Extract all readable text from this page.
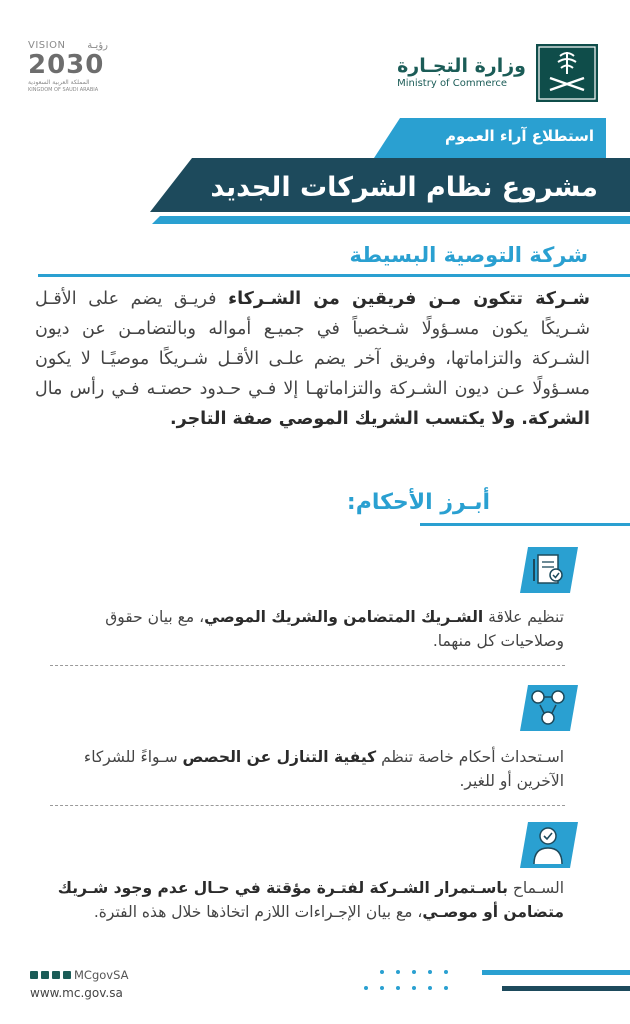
وزارة التجـارة
Ministry of Commerce
VISION رؤيـة
2030
المملكة العربية السعودية
KINGDOM OF SAUDI ARABIA
استطلاع آراء العموم
مشروع نظام الشركات الجديد
شركة التوصية البسيطة
شـركة تتكون مـن فريقين من الشـركاء فريـق يضم على الأقـل شـريكًا يكون مسـؤولًا شـخصياً في جميـع أمواله وبالتضامـن عن ديون الشـركة والتزاماتها، وفريق آخر يضم علـى الأقـل شـريكًا موصيًـا لا يكون مسـؤولًا عـن ديون الشـركة والتزاماتهـا إلا فـي حـدود حصتـه فـي رأس مال الشركة. ولا يكتسب الشريك الموصي صفة التاجر.
أبـرز الأحكام:
تنظيم علاقة الشـريك المتضامن والشريك الموصي، مع بيان حقوق وصلاحيات كل منهما.
اسـتحداث أحكام خاصة تنظم كيفية التنازل عن الحصص سـواءً للشركاء الآخرين أو للغير.
السـماح باسـتمرار الشـركة لفتـرة مؤقتة في حـال عدم وجود شـريك متضامن أو موصـي، مع بيان الإجـراءات اللازم اتخاذها خلال هذه الفترة.
MCgovSA
www.mc.gov.sa
